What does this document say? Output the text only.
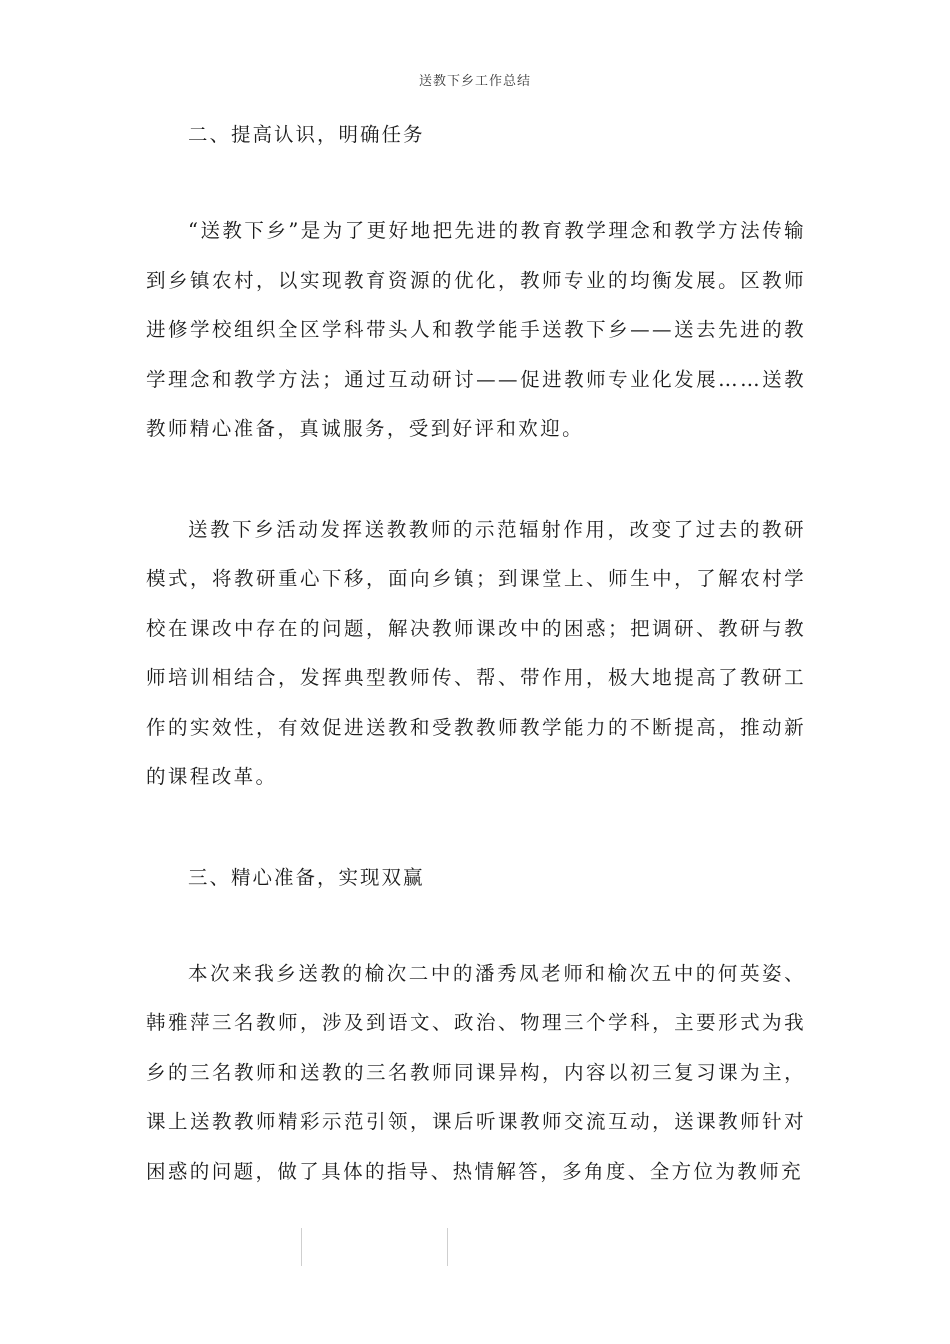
送教下乡工作总结

二、提高认识，明确任务

“送教下乡”是为了更好地把先进的教育教学理念和教学方法传输到乡镇农村，以实现教育资源的优化，教师专业的均衡发展。区教师进修学校组织全区学科带头人和教学能手送教下乡——送去先进的教学理念和教学方法；通过互动研讨——促进教师专业化发展……送教教师精心准备，真诚服务，受到好评和欢迎。

送教下乡活动发挥送教教师的示范辐射作用，改变了过去的教研模式，将教研重心下移，面向乡镇；到课堂上、师生中，了解农村学校在课改中存在的问题，解决教师课改中的困惑；把调研、教研与教师培训相结合，发挥典型教师传、帮、带作用，极大地提高了教研工作的实效性，有效促进送教和受教教师教学能力的不断提高，推动新的课程改革。

三、精心准备，实现双赢

本次来我乡送教的榆次二中的潘秀凤老师和榆次五中的何英姿、韩雅萍三名教师，涉及到语文、政治、物理三个学科，主要形式为我乡的三名教师和送教的三名教师同课异构，内容以初三复习课为主，课上送教教师精彩示范引领，课后听课教师交流互动，送课教师针对困惑的问题，做了具体的指导、热情解答，多角度、全方位为教师充
